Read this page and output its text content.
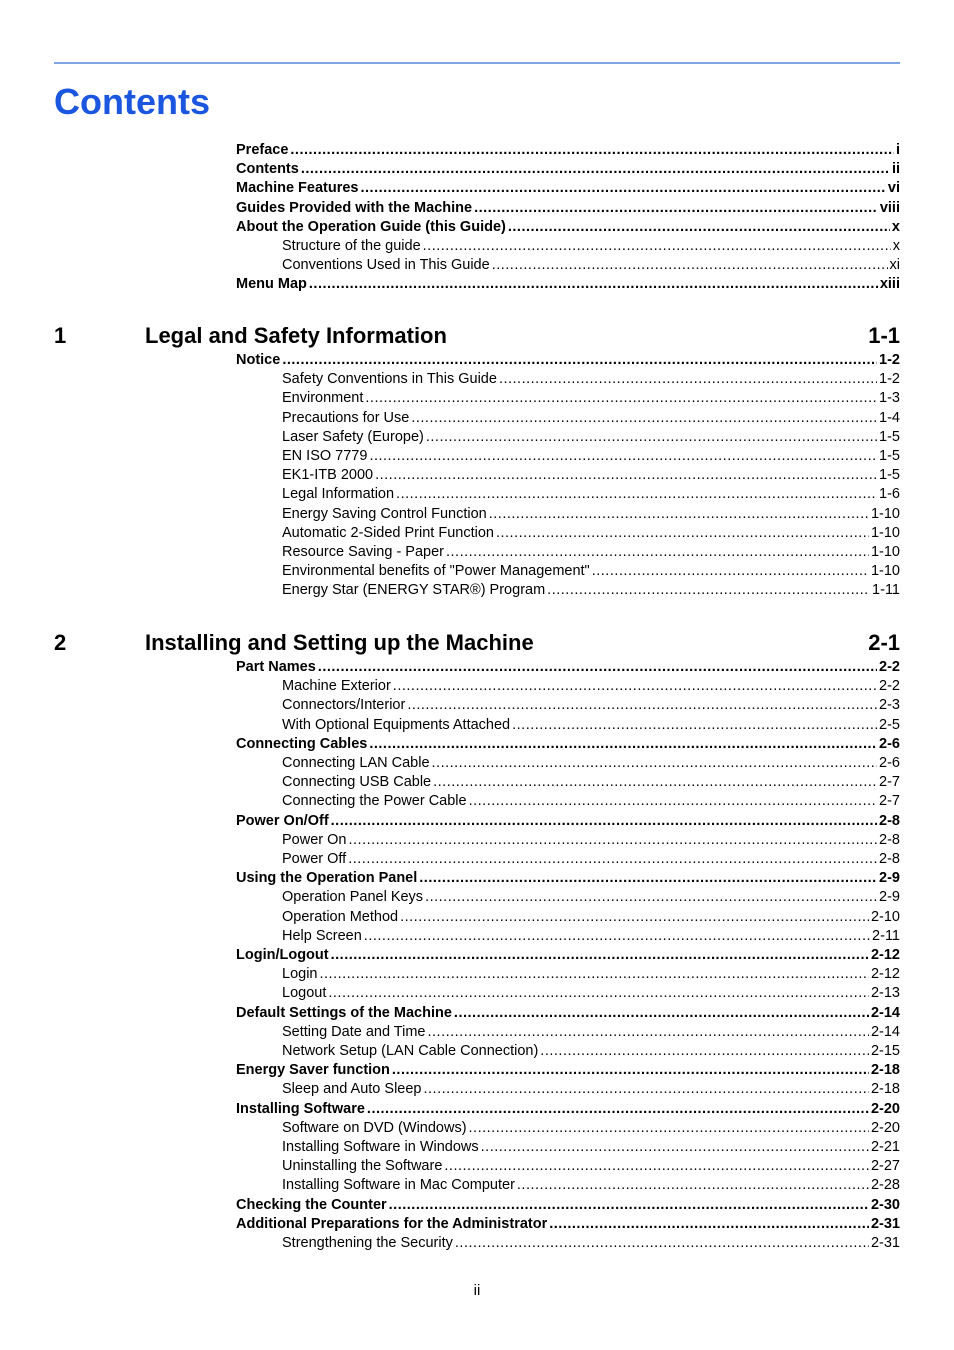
Contents
Preface .....	i
Contents .....	ii
Machine Features .....	vi
Guides Provided with the Machine .....	viii
About the Operation Guide (this Guide) .....	x
Structure of the guide .....	x
Conventions Used in This Guide .....	xi
Menu Map .....	xiii
1	Legal and Safety Information	1-1
Notice .....	1-2
Safety Conventions in This Guide .....	1-2
Environment .....	1-3
Precautions for Use .....	1-4
Laser Safety (Europe) .....	1-5
EN ISO 7779 .....	1-5
EK1-ITB 2000 .....	1-5
Legal Information .....	1-6
Energy Saving Control Function .....	1-10
Automatic 2-Sided Print Function .....	1-10
Resource Saving - Paper .....	1-10
Environmental benefits of "Power Management" .....	1-10
Energy Star (ENERGY STAR®) Program .....	1-11
2	Installing and Setting up the Machine	2-1
Part Names .....	2-2
Machine Exterior .....	2-2
Connectors/Interior .....	2-3
With Optional Equipments Attached .....	2-5
Connecting Cables .....	2-6
Connecting LAN Cable .....	2-6
Connecting USB Cable .....	2-7
Connecting the Power Cable .....	2-7
Power On/Off .....	2-8
Power On .....	2-8
Power Off .....	2-8
Using the Operation Panel .....	2-9
Operation Panel Keys .....	2-9
Operation Method .....	2-10
Help Screen .....	2-11
Login/Logout .....	2-12
Login .....	2-12
Logout .....	2-13
Default Settings of the Machine .....	2-14
Setting Date and Time .....	2-14
Network Setup (LAN Cable Connection) .....	2-15
Energy Saver function .....	2-18
Sleep and Auto Sleep .....	2-18
Installing Software .....	2-20
Software on DVD (Windows) .....	2-20
Installing Software in Windows .....	2-21
Uninstalling the Software .....	2-27
Installing Software in Mac Computer .....	2-28
Checking the Counter .....	2-30
Additional Preparations for the Administrator .....	2-31
Strengthening the Security .....	2-31
ii
